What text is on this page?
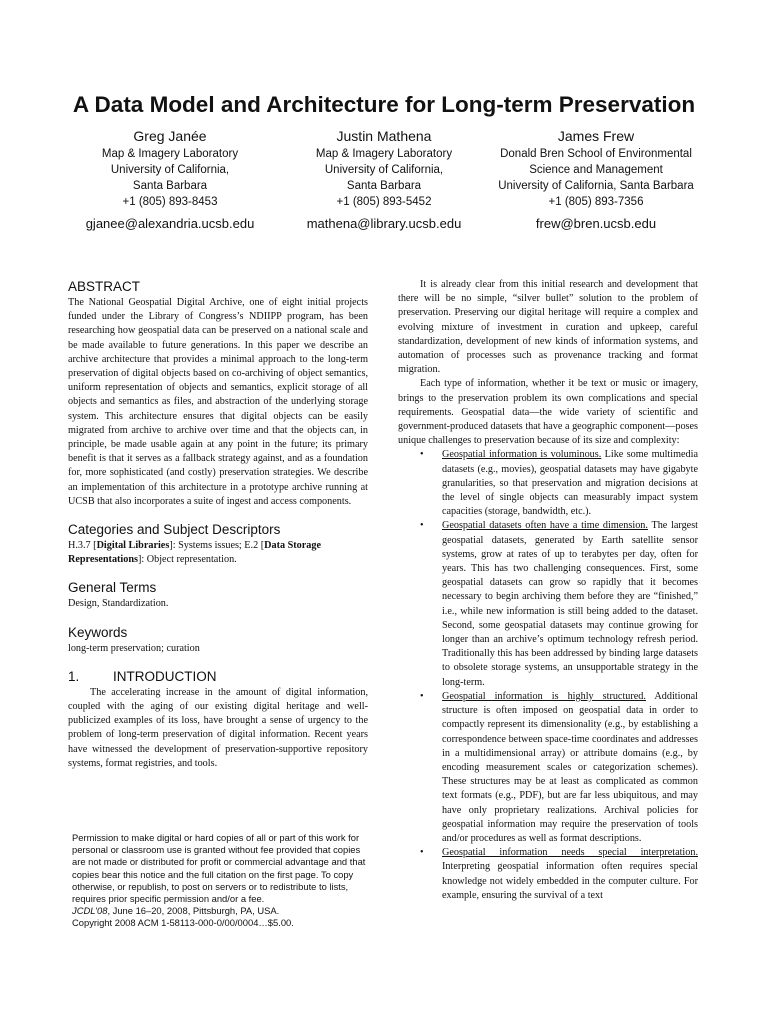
A Data Model and Architecture for Long-term Preservation
Greg Janée
Map & Imagery Laboratory
University of California,
Santa Barbara
+1 (805) 893-8453
gjanee@alexandria.ucsb.edu
Justin Mathena
Map & Imagery Laboratory
University of California,
Santa Barbara
+1 (805) 893-5452
mathena@library.ucsb.edu
James Frew
Donald Bren School of Environmental
Science and Management
University of California, Santa Barbara
+1 (805) 893-7356
frew@bren.ucsb.edu
ABSTRACT
The National Geospatial Digital Archive, one of eight initial projects funded under the Library of Congress’s NDIIPP program, has been researching how geospatial data can be preserved on a national scale and be made available to future generations. In this paper we describe an archive architecture that provides a minimal approach to the long-term preservation of digital objects based on co-archiving of object semantics, uniform representation of objects and semantics, explicit storage of all objects and semantics as files, and abstraction of the underlying storage system. This architecture ensures that digital objects can be easily migrated from archive to archive over time and that the objects can, in principle, be made usable again at any point in the future; its primary benefit is that it serves as a fallback strategy against, and as a foundation for, more sophisticated (and costly) preservation strategies. We describe an implementation of this architecture in a prototype archive running at UCSB that also incorporates a suite of ingest and access components.
Categories and Subject Descriptors
H.3.7 [Digital Libraries]: Systems issues; E.2 [Data Storage Representations]: Object representation.
General Terms
Design, Standardization.
Keywords
long-term preservation; curation
1.	INTRODUCTION
The accelerating increase in the amount of digital information, coupled with the aging of our existing digital heritage and well-publicized examples of its loss, have brought a sense of urgency to the problem of long-term preservation of digital information. Recent years have witnessed the development of preservation-supportive repository systems, format registries, and tools.
Permission to make digital or hard copies of all or part of this work for personal or classroom use is granted without fee provided that copies are not made or distributed for profit or commercial advantage and that copies bear this notice and the full citation on the first page. To copy otherwise, or republish, to post on servers or to redistribute to lists, requires prior specific permission and/or a fee.
JCDL’08, June 16–20, 2008, Pittsburgh, PA, USA.
Copyright 2008 ACM 1-58113-000-0/00/0004…$5.00.
It is already clear from this initial research and development that there will be no simple, “silver bullet” solution to the problem of preservation. Preserving our digital heritage will require a complex and evolving mixture of investment in curation and upkeep, careful standardization, development of new kinds of information systems, and automation of processes such as provenance tracking and format migration.
Each type of information, whether it be text or music or imagery, brings to the preservation problem its own complications and special requirements. Geospatial data—the wide variety of scientific and government-produced datasets that have a geographic component—poses unique challenges to preservation because of its size and complexity:
• Geospatial information is voluminous. Like some multimedia datasets (e.g., movies), geospatial datasets may have gigabyte granularities, so that preservation and migration decisions at the level of single objects can measurably impact system capacities (storage, bandwidth, etc.).
• Geospatial datasets often have a time dimension. The largest geospatial datasets, generated by Earth satellite sensor systems, grow at rates of up to terabytes per day, often for years. This has two challenging consequences. First, some geospatial datasets can grow so rapidly that it becomes necessary to begin archiving them before they are “finished,” i.e., while new information is still being added to the dataset. Second, some geospatial datasets may continue growing for longer than an archive’s optimum technology refresh period. Traditionally this has been addressed by binding large datasets to obsolete storage systems, an unsupportable strategy in the long-term.
• Geospatial information is highly structured. Additional structure is often imposed on geospatial data in order to compactly represent its dimensionality (e.g., by establishing a correspondence between space-time coordinates and addresses in a multidimensional array) or attribute domains (e.g., by encoding measurement scales or categorization schemes). These structures may be at least as complicated as common text formats (e.g., PDF), but are far less ubiquitous, and may have only proprietary realizations. Archival policies for geospatial information may require the preservation of tools and/or procedures as well as format descriptions.
• Geospatial information needs special interpretation. Interpreting geospatial information often requires special knowledge not widely embedded in the computer culture. For example, ensuring the survival of a text
